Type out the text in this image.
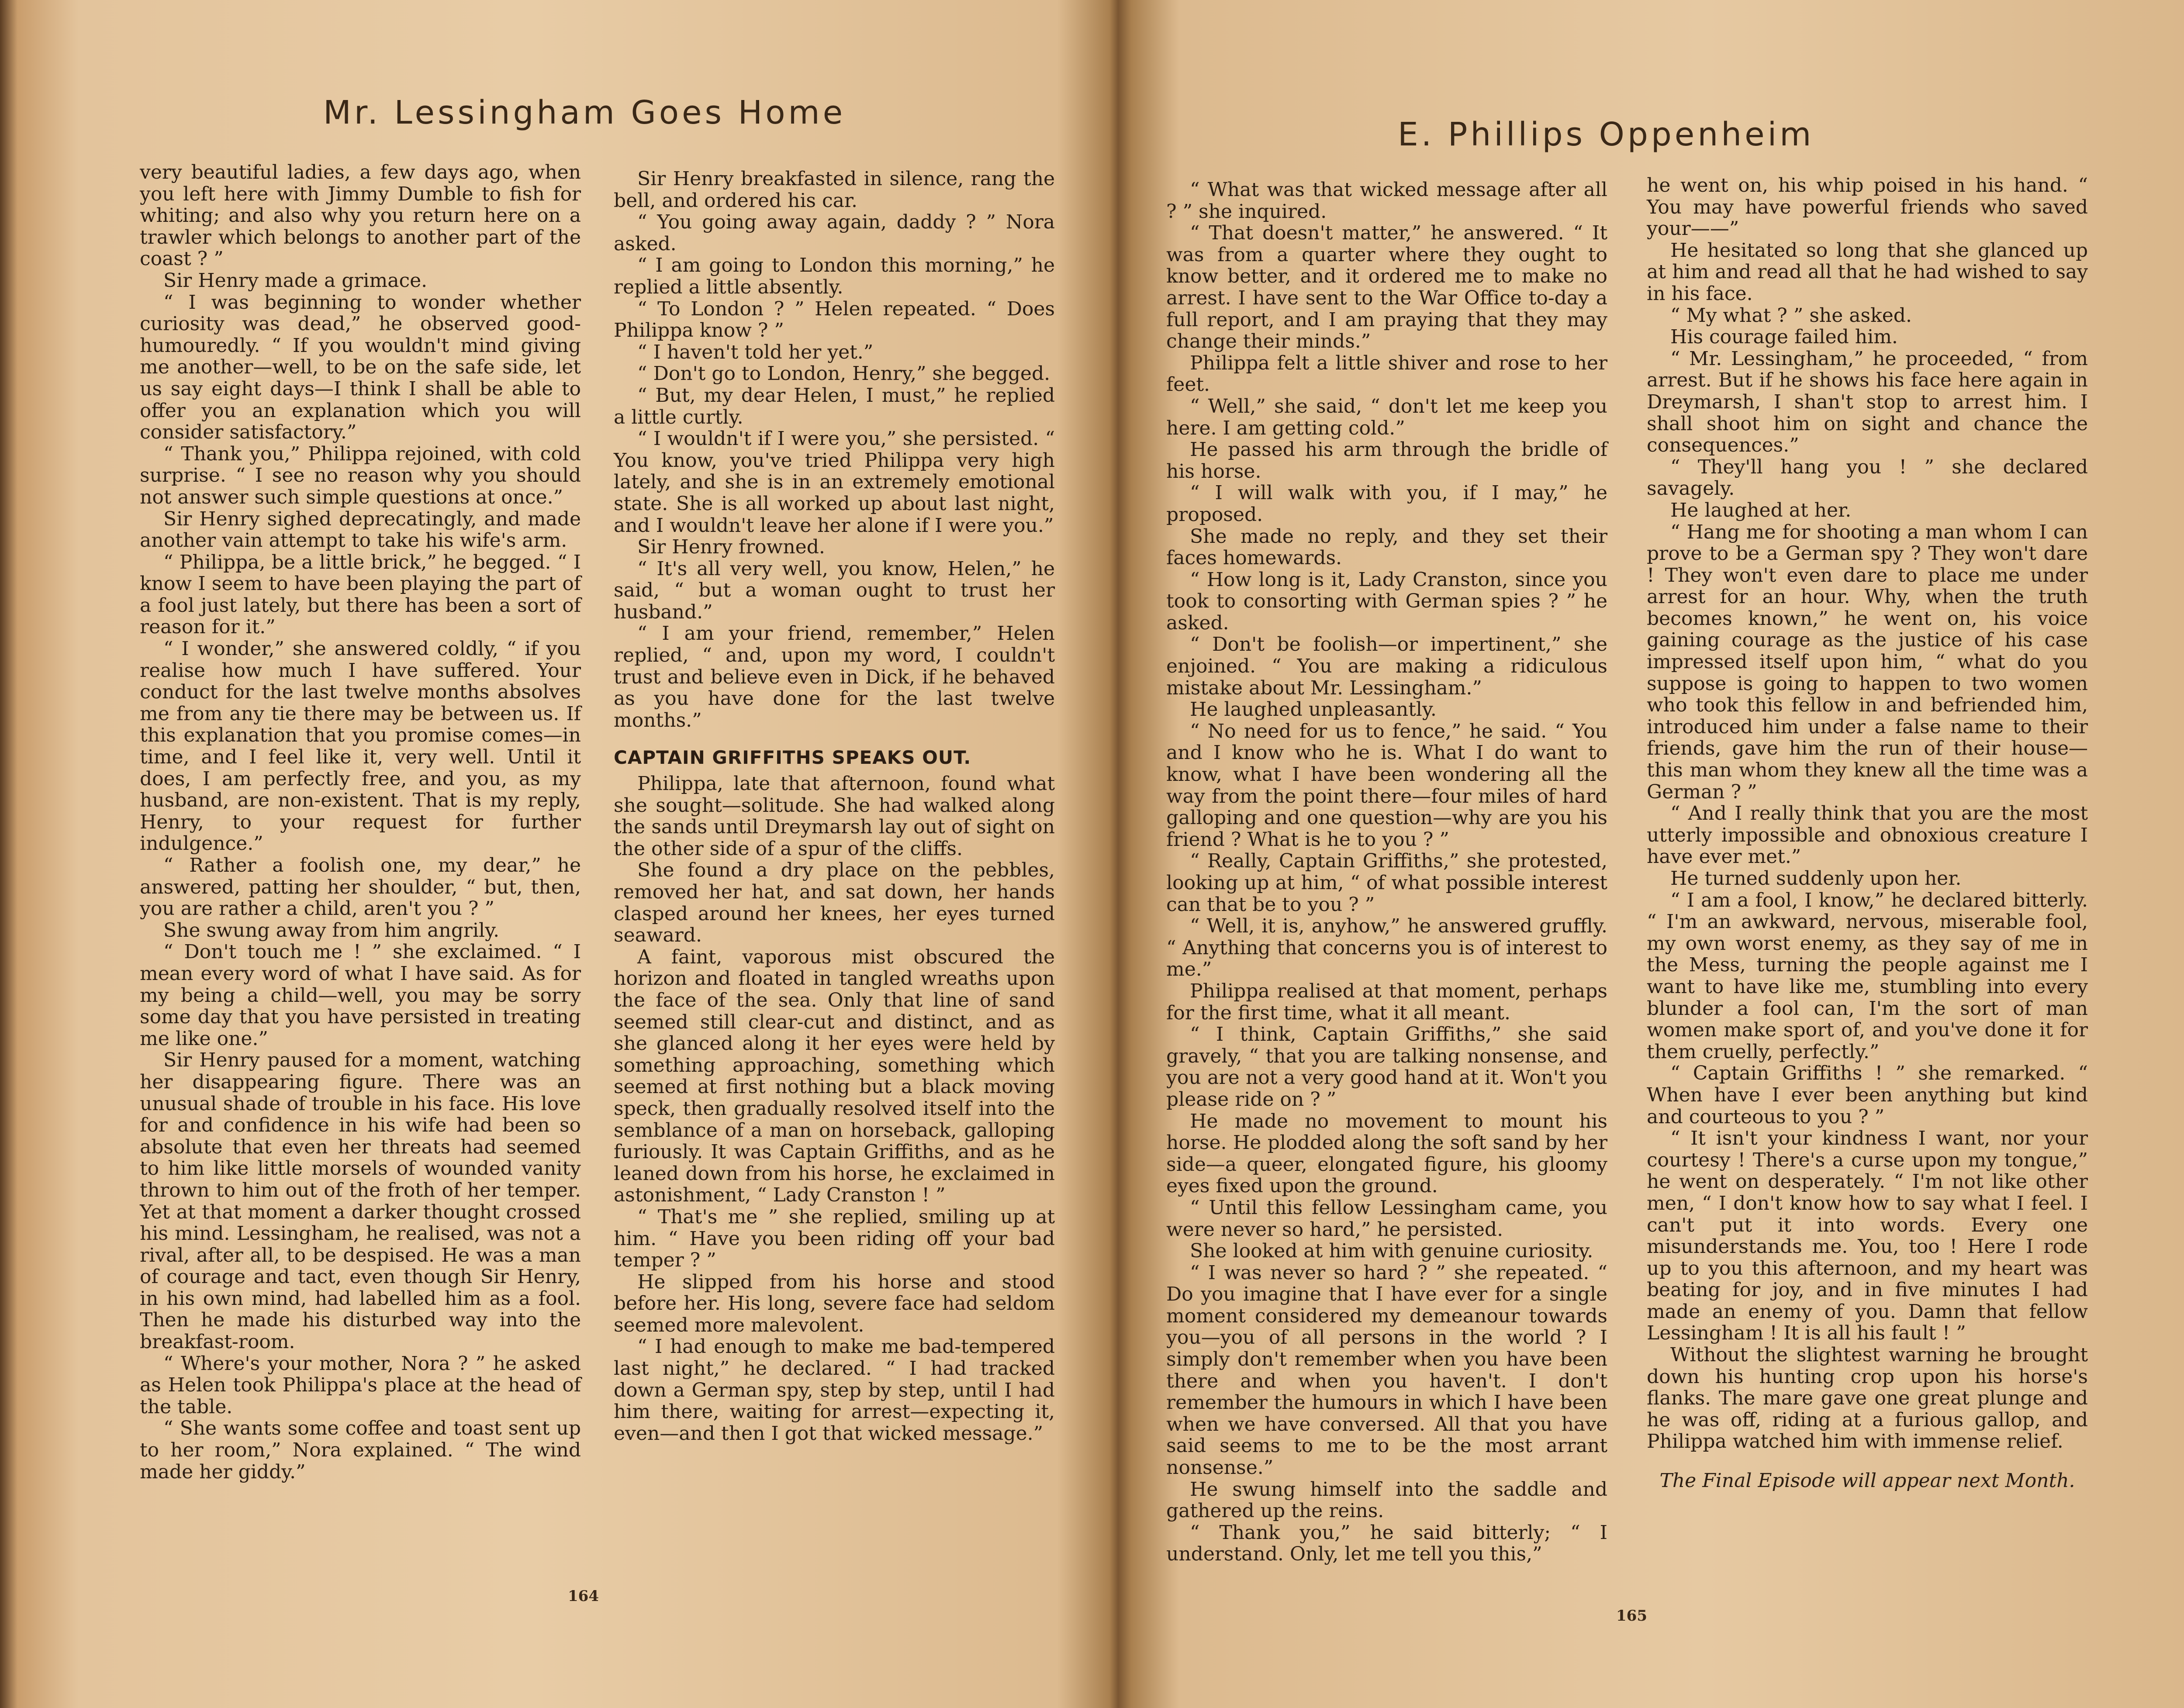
Mr. Lessingham Goes Home

very beautiful ladies, a few days ago, when you left here with Jimmy Dumble to fish for whiting; and also why you return here on a trawler which belongs to another part of the coast ? ”

Sir Henry made a grimace.

“ I was beginning to wonder whether curiosity was dead,” he observed good-humouredly. “ If you wouldn't mind giving me another—well, to be on the safe side, let us say eight days—I think I shall be able to offer you an explanation which you will consider satisfactory.”

“ Thank you,” Philippa rejoined, with cold surprise. “ I see no reason why you should not answer such simple questions at once.”

Sir Henry sighed deprecatingly, and made another vain attempt to take his wife's arm.

“ Philippa, be a little brick,” he begged. “ I know I seem to have been playing the part of a fool just lately, but there has been a sort of reason for it.”

“ I wonder,” she answered coldly, “ if you realise how much I have suffered. Your conduct for the last twelve months absolves me from any tie there may be between us. If this explanation that you promise comes—in time, and I feel like it, very well. Until it does, I am perfectly free, and you, as my husband, are non-existent. That is my reply, Henry, to your request for further indulgence.”

“ Rather a foolish one, my dear,” he answered, patting her shoulder, “ but, then, you are rather a child, aren't you ? ”

She swung away from him angrily.

“ Don't touch me ! ” she exclaimed. “ I mean every word of what I have said. As for my being a child—well, you may be sorry some day that you have persisted in treating me like one.”

Sir Henry paused for a moment, watching her disappearing figure. There was an unusual shade of trouble in his face. His love for and confidence in his wife had been so absolute that even her threats had seemed to him like little morsels of wounded vanity thrown to him out of the froth of her temper. Yet at that moment a darker thought crossed his mind. Lessingham, he realised, was not a rival, after all, to be despised. He was a man of courage and tact, even though Sir Henry, in his own mind, had labelled him as a fool. Then he made his disturbed way into the breakfast-room.

“ Where's your mother, Nora ? ” he asked as Helen took Philippa's place at the head of the table.

“ She wants some coffee and toast sent up to her room,” Nora explained. “ The wind made her giddy.”

Sir Henry breakfasted in silence, rang the bell, and ordered his car.

“ You going away again, daddy ? ” Nora asked.

“ I am going to London this morning,” he replied a little absently.

“ To London ? ” Helen repeated. “ Does Philippa know ? ”

“ I haven't told her yet.”

“ Don't go to London, Henry,” she begged.

“ But, my dear Helen, I must,” he replied a little curtly.

“ I wouldn't if I were you,” she persisted. “ You know, you've tried Philippa very high lately, and she is in an extremely emotional state. She is all worked up about last night, and I wouldn't leave her alone if I were you.”

Sir Henry frowned.

“ It's all very well, you know, Helen,” he said, “ but a woman ought to trust her husband.”

“ I am your friend, remember,” Helen replied, “ and, upon my word, I couldn't trust and believe even in Dick, if he behaved as you have done for the last twelve months.”

CAPTAIN GRIFFITHS SPEAKS OUT.

Philippa, late that afternoon, found what she sought—solitude. She had walked along the sands until Dreymarsh lay out of sight on the other side of a spur of the cliffs.

She found a dry place on the pebbles, removed her hat, and sat down, her hands clasped around her knees, her eyes turned seaward.

A faint, vaporous mist obscured the horizon and floated in tangled wreaths upon the face of the sea. Only that line of sand seemed still clear-cut and distinct, and as she glanced along it her eyes were held by something approaching, something which seemed at first nothing but a black moving speck, then gradually resolved itself into the semblance of a man on horseback, galloping furiously. It was Captain Griffiths, and as he leaned down from his horse, he exclaimed in astonishment, “ Lady Cranston ! ”

“ That's me ” she replied, smiling up at him. “ Have you been riding off your bad temper ? ”

He slipped from his horse and stood before her. His long, severe face had seldom seemed more malevolent.

“ I had enough to make me bad-tempered last night,” he declared. “ I had tracked down a German spy, step by step, until I had him there, waiting for arrest—expecting it, even—and then I got that wicked message.”

164
E. Phillips Oppenheim

“ What was that wicked message after all ? ” she inquired.

“ That doesn't matter,” he answered. “ It was from a quarter where they ought to know better, and it ordered me to make no arrest. I have sent to the War Office to-day a full report, and I am praying that they may change their minds.”

Philippa felt a little shiver and rose to her feet.

“ Well,” she said, “ don't let me keep you here. I am getting cold.”

He passed his arm through the bridle of his horse.

“ I will walk with you, if I may,” he proposed.

She made no reply, and they set their faces homewards.

“ How long is it, Lady Cranston, since you took to consorting with German spies ? ” he asked.

“ Don't be foolish—or impertinent,” she enjoined. “ You are making a ridiculous mistake about Mr. Lessingham.”

He laughed unpleasantly.

“ No need for us to fence,” he said. “ You and I know who he is. What I do want to know, what I have been wondering all the way from the point there—four miles of hard galloping and one question—why are you his friend ? What is he to you ? ”

“ Really, Captain Griffiths,” she protested, looking up at him, “ of what possible interest can that be to you ? ”

“ Well, it is, anyhow,” he answered gruffly. “ Anything that concerns you is of interest to me.”

Philippa realised at that moment, perhaps for the first time, what it all meant.

“ I think, Captain Griffiths,” she said gravely, “ that you are talking nonsense, and you are not a very good hand at it. Won't you please ride on ? ”

He made no movement to mount his horse. He plodded along the soft sand by her side—a queer, elongated figure, his gloomy eyes fixed upon the ground.

“ Until this fellow Lessingham came, you were never so hard,” he persisted.

She looked at him with genuine curiosity.

“ I was never so hard ? ” she repeated. “ Do you imagine that I have ever for a single moment considered my demeanour towards you—you of all persons in the world ? I simply don't remember when you have been there and when you haven't. I don't remember the humours in which I have been when we have conversed. All that you have said seems to me to be the most arrant nonsense.”

He swung himself into the saddle and gathered up the reins.

“ Thank you,” he said bitterly; “ I understand. Only, let me tell you this,”

he went on, his whip poised in his hand. “ You may have powerful friends who saved your——”

He hesitated so long that she glanced up at him and read all that he had wished to say in his face.

“ My what ? ” she asked.

His courage failed him.

“ Mr. Lessingham,” he proceeded, “ from arrest. But if he shows his face here again in Dreymarsh, I shan't stop to arrest him. I shall shoot him on sight and chance the consequences.”

“ They'll hang you ! ” she declared savagely.

He laughed at her.

“ Hang me for shooting a man whom I can prove to be a German spy ? They won't dare ! They won't even dare to place me under arrest for an hour. Why, when the truth becomes known,” he went on, his voice gaining courage as the justice of his case impressed itself upon him, “ what do you suppose is going to happen to two women who took this fellow in and befriended him, introduced him under a false name to their friends, gave him the run of their house—this man whom they knew all the time was a German ? ”

“ And I really think that you are the most utterly impossible and obnoxious creature I have ever met.”

He turned suddenly upon her.

“ I am a fool, I know,” he declared bitterly. “ I'm an awkward, nervous, miserable fool, my own worst enemy, as they say of me in the Mess, turning the people against me I want to have like me, stumbling into every blunder a fool can, I'm the sort of man women make sport of, and you've done it for them cruelly, perfectly.”

“ Captain Griffiths ! ” she remarked. “ When have I ever been anything but kind and courteous to you ? ”

“ It isn't your kindness I want, nor your courtesy ! There's a curse upon my tongue,” he went on desperately. “ I'm not like other men, “ I don't know how to say what I feel. I can't put it into words. Every one misunderstands me. You, too ! Here I rode up to you this afternoon, and my heart was beating for joy, and in five minutes I had made an enemy of you. Damn that fellow Lessingham ! It is all his fault ! ”

Without the slightest warning he brought down his hunting crop upon his horse's flanks. The mare gave one great plunge and he was off, riding at a furious gallop, and Philippa watched him with immense relief.

The Final Episode will appear next Month.

165
